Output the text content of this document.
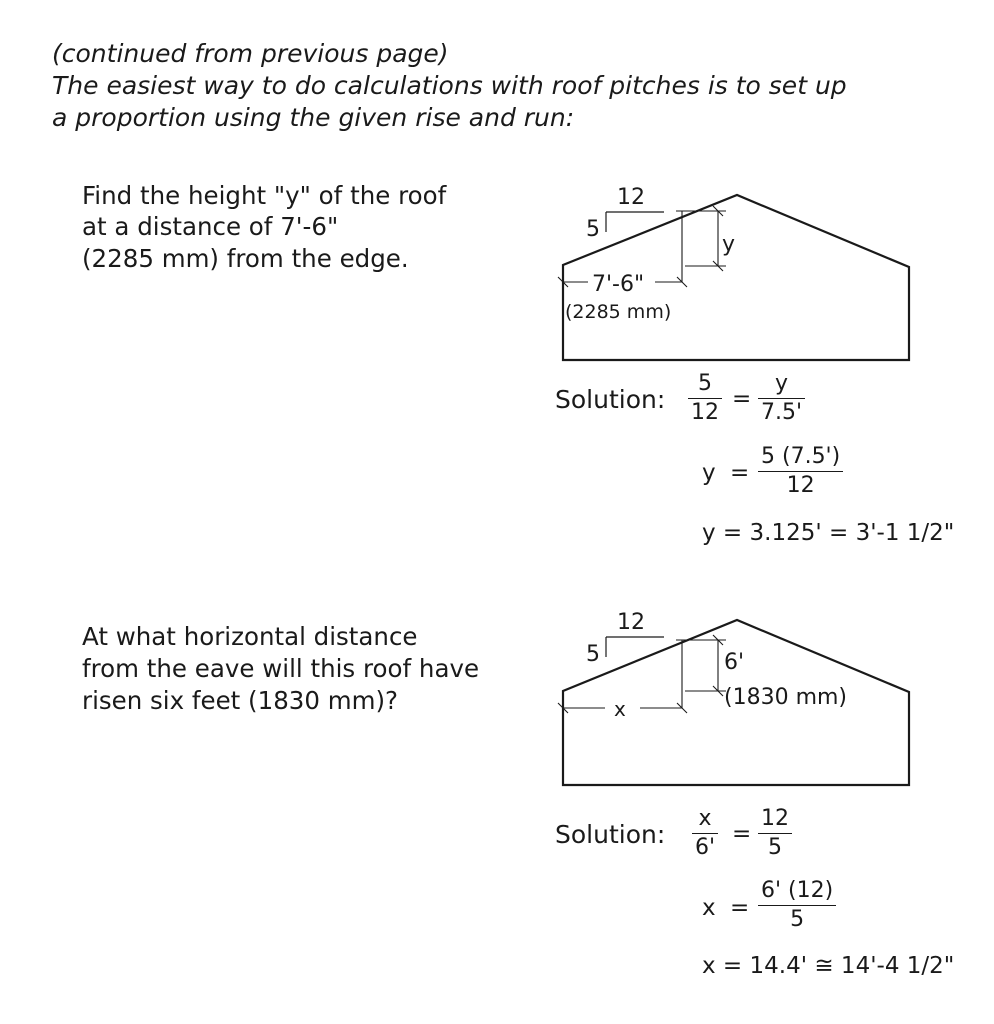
(continued from previous page)
The easiest way to do calculations with roof pitches is to set up
a proportion using the given rise and run:
Find the height "y" of the roof
at a distance of 7'-6"
(2285 mm) from the edge.
12
5
y
7'-6"
(2285 mm)
Solution: $\frac{5}{12} = \frac{y}{7.5'}$
$y = \frac{5 (7.5')}{12}$
y = 3.125' = 3'-1 1/2"
At what horizontal distance
from the eave will this roof have
risen six feet (1830 mm)?
12
5	6'
(1830 mm)
x
Solution: $\frac{x}{6'} = \frac{12}{5}$
$x = \frac{6' (12)}{5}$
x = 14.4' ≅ 14'-4 1/2"
